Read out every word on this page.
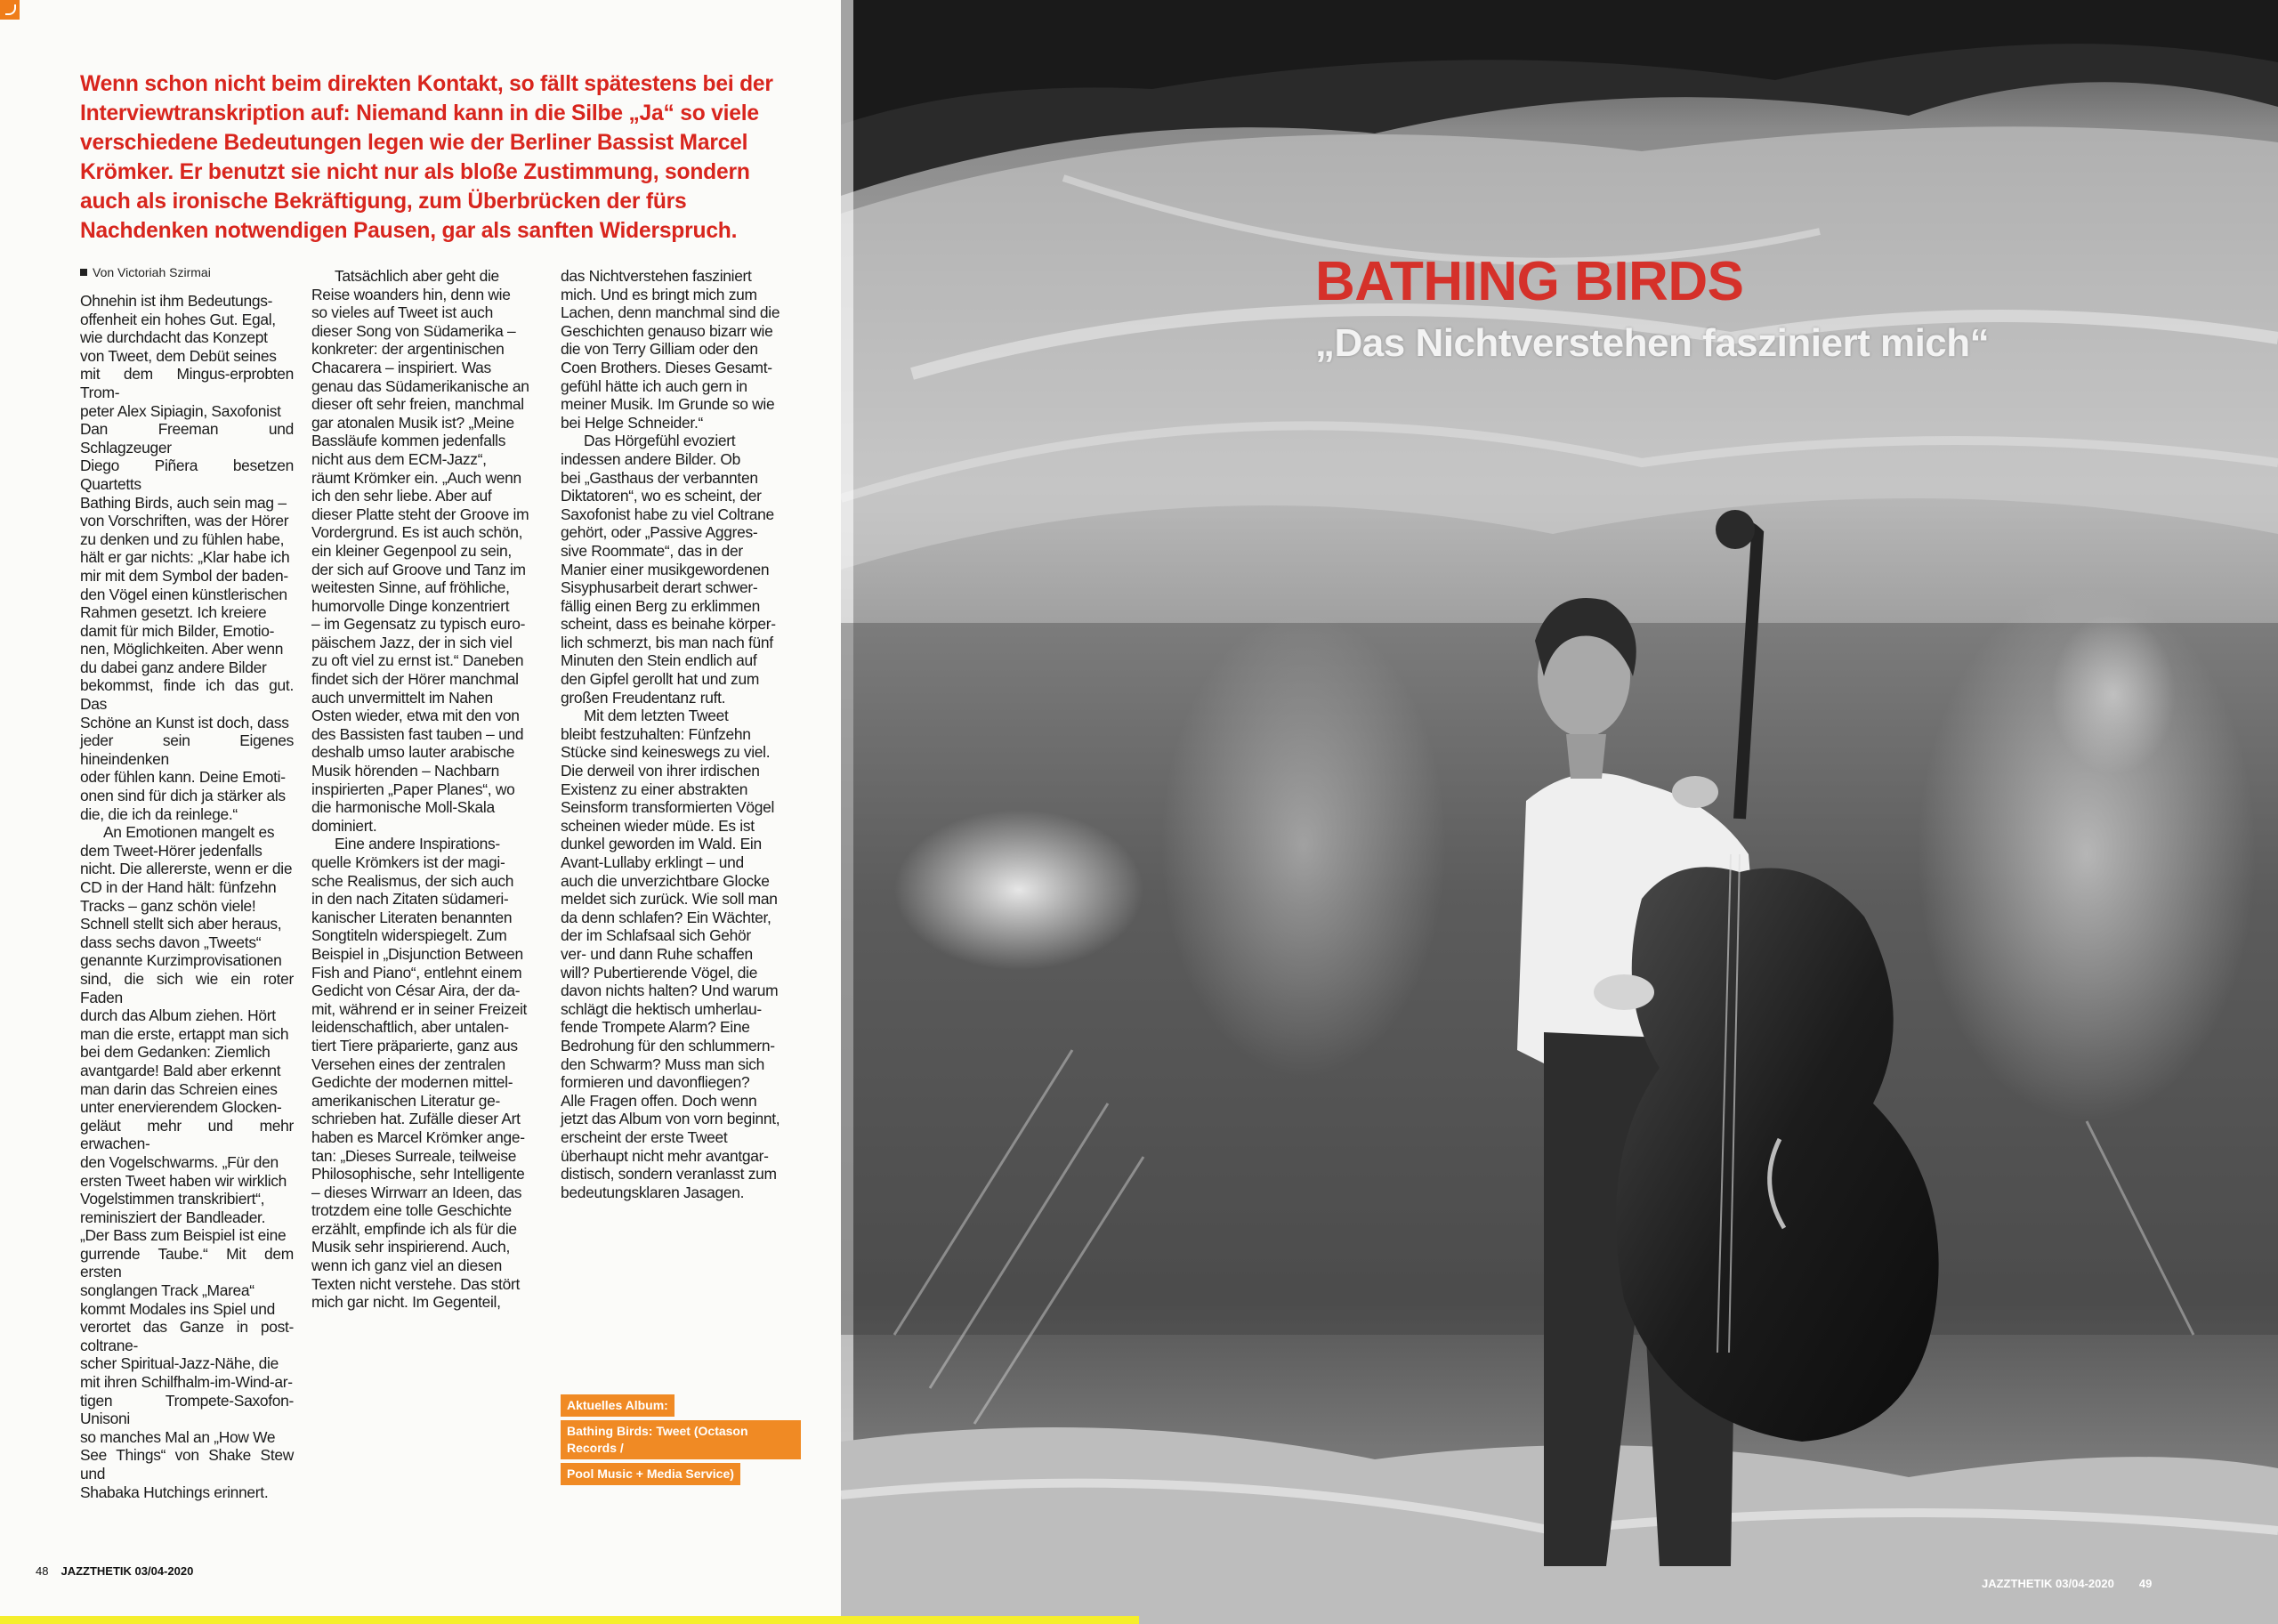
Wenn schon nicht beim direkten Kontakt, so fällt spätestens bei der Interviewtranskription auf: Niemand kann in die Silbe „Ja“ so viele verschiedene Bedeutungen legen wie der Berliner Bassist Marcel Krömker. Er benutzt sie nicht nur als bloße Zustimmung, sondern auch als ironische Bekräftigung, zum Überbrücken der fürs Nachdenken notwendigen Pausen, gar als sanften Widerspruch.
Von Victoriah Szirmai

Ohnehin ist ihm Bedeutungs-
offenheit ein hohes Gut. Egal,
wie durchdacht das Konzept
von Tweet, dem Debüt seines
mit dem Mingus-erprobten Trom-
peter Alex Sipiagin, Saxofonist
Dan Freeman und Schlagzeuger
Diego Piñera besetzen Quartetts
Bathing Birds, auch sein mag –
von Vorschriften, was der Hörer
zu denken und zu fühlen habe,
hält er gar nichts: „Klar habe ich
mir mit dem Symbol der baden-
den Vögel einen künstlerischen
Rahmen gesetzt. Ich kreiere
damit für mich Bilder, Emotio-
nen, Möglichkeiten. Aber wenn
du dabei ganz andere Bilder
bekommst, finde ich das gut. Das
Schöne an Kunst ist doch, dass
jeder sein Eigenes hineindenken
oder fühlen kann. Deine Emoti-
onen sind für dich ja stärker als
die, die ich da reinlege.“

An Emotionen mangelt es
dem Tweet-Hörer jedenfalls
nicht. Die allererste, wenn er die
CD in der Hand hält: fünfzehn
Tracks – ganz schön viele!
Schnell stellt sich aber heraus,
dass sechs davon „Tweets“
genannte Kurzimprovisationen
sind, die sich wie ein roter Faden
durch das Album ziehen. Hört
man die erste, ertappt man sich
bei dem Gedanken: Ziemlich
avantgarde! Bald aber erkennt
man darin das Schreien eines
unter enervierendem Glocken-
geläut mehr und mehr erwachen-
den Vogelschwarms. „Für den
ersten Tweet haben wir wirklich
Vogelstimmen transkribiert“,
reminisziert der Bandleader.
„Der Bass zum Beispiel ist eine
gurrende Taube.“ Mit dem ersten
songlangen Track „Marea“
kommt Modales ins Spiel und
verortet das Ganze in post-coltrane-
scher Spiritual-Jazz-Nähe, die
mit ihren Schilfhalm-im-Wind-ar-
tigen Trompete-Saxofon-Unisoni
so manches Mal an „How We
See Things“ von Shake Stew und
Shabaka Hutchings erinnert.

Tatsächlich aber geht die
Reise woanders hin, denn wie
so vieles auf Tweet ist auch
dieser Song von Südamerika –
konkreter: der argentinischen
Chacarera – inspiriert. Was
genau das Südamerikanische an
dieser oft sehr freien, manchmal
gar atonalen Musik ist? „Meine
Bassläufe kommen jedenfalls
nicht aus dem ECM-Jazz“,
räumt Krömker ein. „Auch wenn
ich den sehr liebe. Aber auf
dieser Platte steht der Groove im
Vordergrund. Es ist auch schön,
ein kleiner Gegenpool zu sein,
der sich auf Groove und Tanz im
weitesten Sinne, auf fröhliche,
humorvolle Dinge konzentriert
– im Gegensatz zu typisch euro-
päischem Jazz, der in sich viel
zu oft viel zu ernst ist.“ Daneben
findet sich der Hörer manchmal
auch unvermittelt im Nahen
Osten wieder, etwa mit den von
des Bassisten fast tauben – und
deshalb umso lauter arabische
Musik hörenden – Nachbarn
inspirierten „Paper Planes“, wo
die harmonische Moll-Skala
dominiert.

Eine andere Inspirations-
quelle Krömkers ist der magi-
sche Realismus, der sich auch
in den nach Zitaten südameri-
kanischer Literaten benannten
Songtiteln widerspiegelt. Zum
Beispiel in „Disjunction Between
Fish and Piano“, entlehnt einem
Gedicht von César Aira, der da-
mit, während er in seiner Freizeit
leidenschaftlich, aber untalen-
tiert Tiere präparierte, ganz aus
Versehen eines der zentralen
Gedichte der modernen mittel-
amerikanischen Literatur ge-
schrieben hat. Zufälle dieser Art
haben es Marcel Krömker ange-
tan: „Dieses Surreale, teilweise
Philosophische, sehr Intelligente
– dieses Wirrwarr an Ideen, das
trotzdem eine tolle Geschichte
erzählt, empfinde ich als für die
Musik sehr inspirierend. Auch,
wenn ich ganz viel an diesen
Texten nicht verstehe. Das stört
mich gar nicht. Im Gegenteil,

das Nichtverstehen fasziniert
mich. Und es bringt mich zum
Lachen, denn manchmal sind die
Geschichten genauso bizarr wie
die von Terry Gilliam oder den
Coen Brothers. Dieses Gesamt-
gefühl hätte ich auch gern in
meiner Musik. Im Grunde so wie
bei Helge Schneider.“

Das Hörgefühl evoziert
indessen andere Bilder. Ob
bei „Gasthaus der verbannten
Diktatoren“, wo es scheint, der
Saxofonist habe zu viel Coltrane
gehört, oder „Passive Aggres-
sive Roommate“, das in der
Manier einer musikgewordenen
Sisyphusarbeit derart schwer-
fällig einen Berg zu erklimmen
scheint, dass es beinahe körper-
lich schmerzt, bis man nach fünf
Minuten den Stein endlich auf
den Gipfel gerollt hat und zum
großen Freudentanz ruft.

Mit dem letzten Tweet
bleibt festzuhalten: Fünfzehn
Stücke sind keineswegs zu viel.
Die derweil von ihrer irdischen
Existenz zu einer abstrakten
Seinsform transformierten Vögel
scheinen wieder müde. Es ist
dunkel geworden im Wald. Ein
Avant-Lullaby erklingt – und
auch die unverzichtbare Glocke
meldet sich zurück. Wie soll man
da denn schlafen? Ein Wächter,
der im Schlafsaal sich Gehör
ver- und dann Ruhe schaffen
will? Pubertierende Vögel, die
davon nichts halten? Und warum
schlägt die hektisch umherlau-
fende Trompete Alarm? Eine
Bedrohung für den schlummern-
den Schwarm? Muss man sich
formieren und davonfliegen?
Alle Fragen offen. Doch wenn
jetzt das Album von vorn beginnt,
erscheint der erste Tweet
überhaupt nicht mehr avantgar-
distisch, sondern veranlasst zum
bedeutungsklaren Jasagen.

Aktuelles Album:
Bathing Birds: Tweet (Octason Records /
Pool Music + Media Service)
48 JAZZTHETIK 03/04-2020
BATHING BIRDS
„Das Nichtverstehen fasziniert mich“
JAZZTHETIK 03/04-2020 49
